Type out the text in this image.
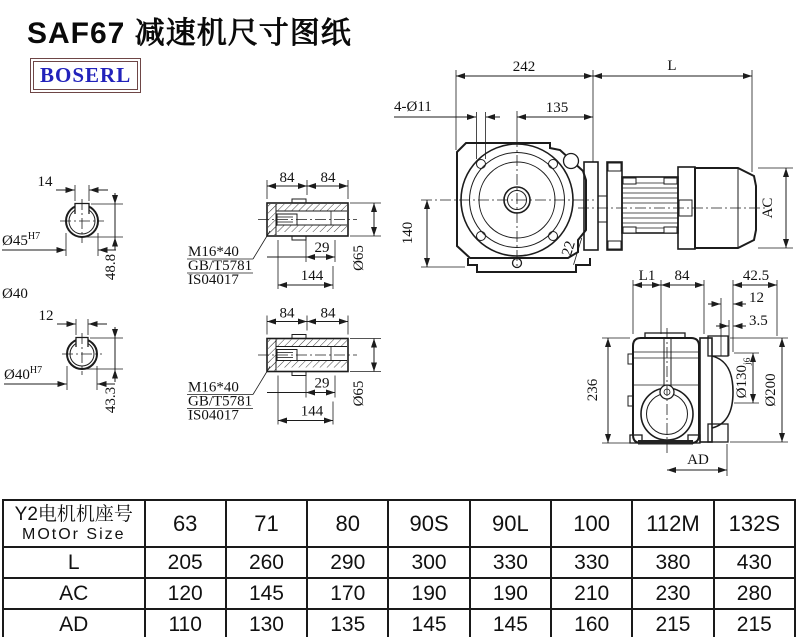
SAF67 减速机尺寸图纸
BOSERL
14
$Ø45^{H7}$
48.8
Ø40
12
$Ø40^{H7}$
43.3
84 84
29
144
Ø65
M16*40
GB/T5781
IS04017
84 84
29
144
Ø65
M16*40
GB/T5781
IS04017
242	L
135
4-Ø11
140
22
AC
L1 84	42.5
12
3.5
236	$Ø130_{j6}$
Ø200
AD
Y2电机机座号
MOtOr Size	63	71	80	90S	90L	100	112M	132S
L	205	260	290	300	330	330	380	430
AC	120	145	170	190	190	210	230	280
AD	110	130	135	145	145	160	215	215
